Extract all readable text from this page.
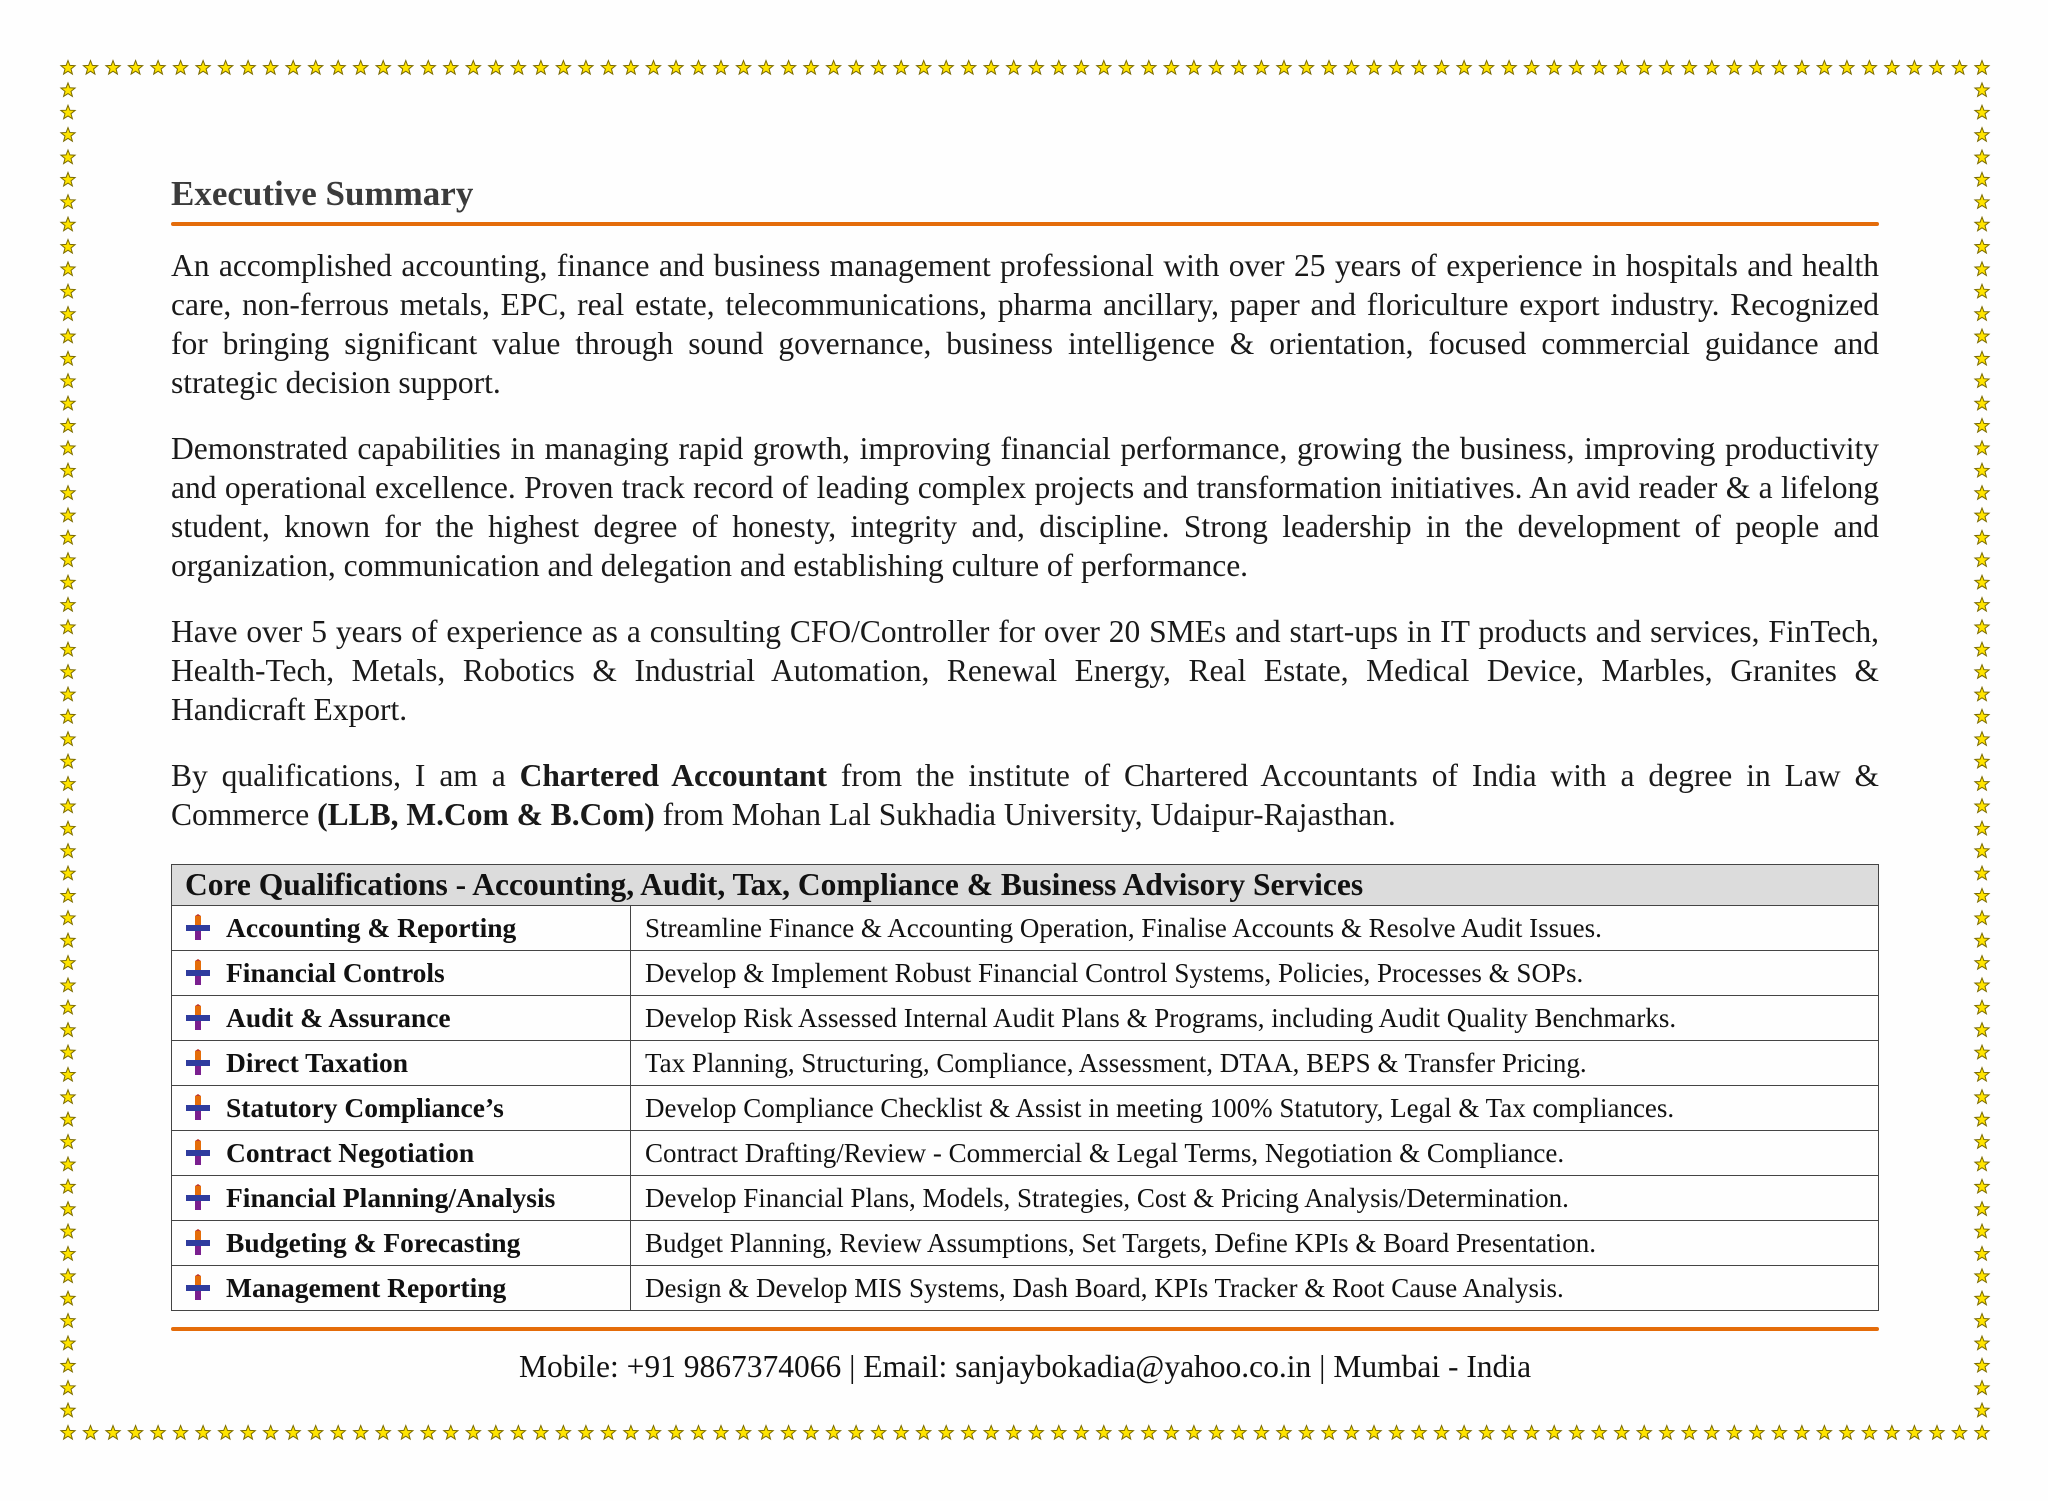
Executive Summary

An accomplished accounting, finance and business management professional with over 25 years of experience in hospitals and health care, non-ferrous metals, EPC, real estate, telecommunications, pharma ancillary, paper and floriculture export industry. Recognized for bringing significant value through sound governance, business intelligence & orientation, focused commercial guidance and strategic decision support.

Demonstrated capabilities in managing rapid growth, improving financial performance, growing the business, improving productivity and operational excellence. Proven track record of leading complex projects and transformation initiatives. An avid reader & a lifelong student, known for the highest degree of honesty, integrity and, discipline. Strong leadership in the development of people and organization, communication and delegation and establishing culture of performance.

Have over 5 years of experience as a consulting CFO/Controller for over 20 SMEs and start-ups in IT products and services, FinTech, Health-Tech, Metals, Robotics & Industrial Automation, Renewal Energy, Real Estate, Medical Device, Marbles, Granites & Handicraft Export.

By qualifications, I am a Chartered Accountant from the institute of Chartered Accountants of India with a degree in Law & Commerce (LLB, M.Com & B.Com) from Mohan Lal Sukhadia University, Udaipur-Rajasthan.

Core Qualifications - Accounting, Audit, Tax, Compliance & Business Advisory Services	

Accounting & Reporting	Streamline Finance & Accounting Operation, Finalise Accounts & Resolve Audit Issues.

Financial Controls	Develop & Implement Robust Financial Control Systems, Policies, Processes & SOPs.

Audit & Assurance	Develop Risk Assessed Internal Audit Plans & Programs, including Audit Quality Benchmarks.

Direct Taxation	Tax Planning, Structuring, Compliance, Assessment, DTAA, BEPS & Transfer Pricing.

Statutory Compliance’s	Develop Compliance Checklist & Assist in meeting 100% Statutory, Legal & Tax compliances.

Contract Negotiation	Contract Drafting/Review - Commercial & Legal Terms, Negotiation & Compliance.

Financial Planning/Analysis	Develop Financial Plans, Models, Strategies, Cost & Pricing Analysis/Determination.

Budgeting & Forecasting	Budget Planning, Review Assumptions, Set Targets, Define KPIs & Board Presentation.

Management Reporting	Design & Develop MIS Systems, Dash Board, KPIs Tracker & Root Cause Analysis.
Mobile: +91 9867374066 | Email: sanjaybokadia@yahoo.co.in | Mumbai - India
